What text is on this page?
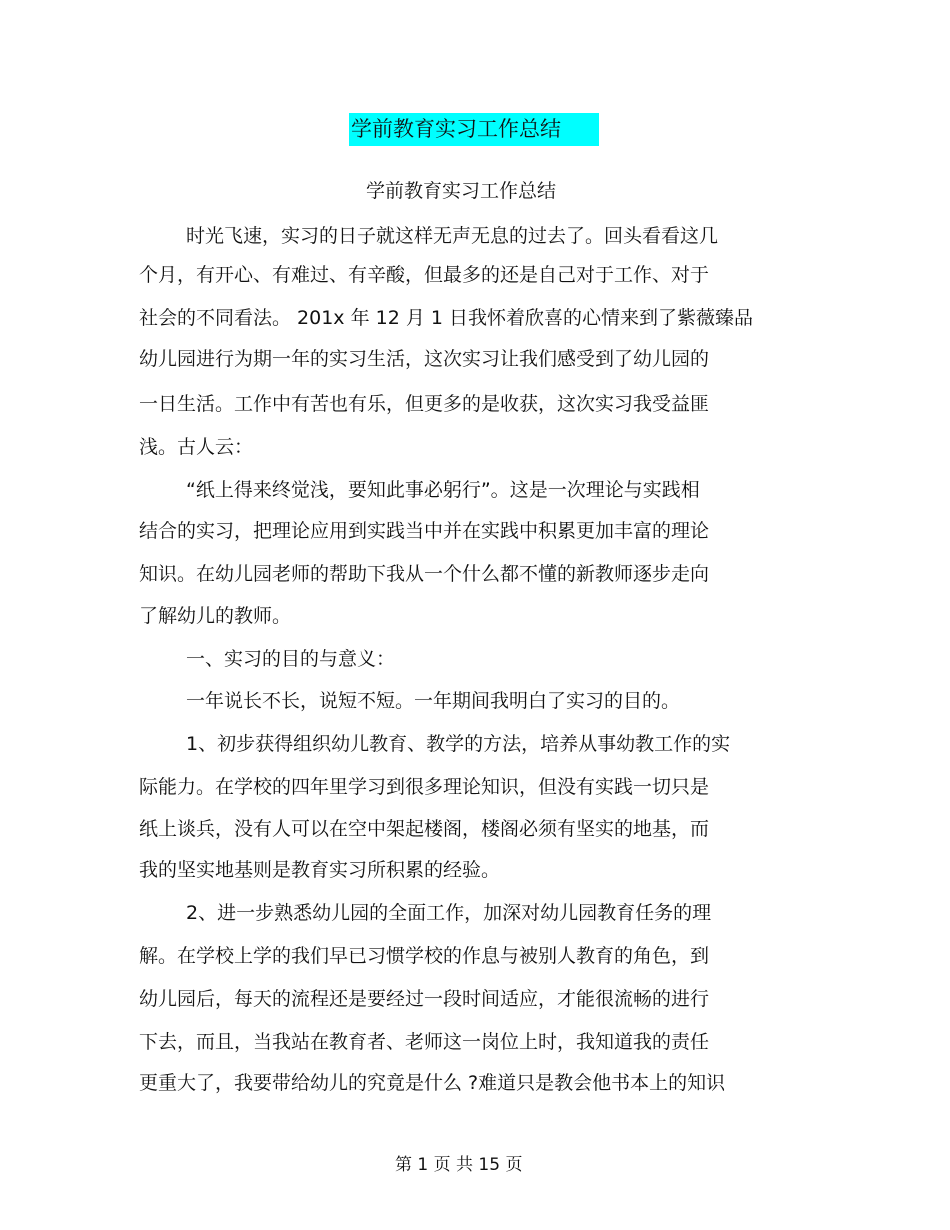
学前教育实习工作总结
学前教育实习工作总结
时光飞速，实习的日子就这样无声无息的过去了。回头看看这几
个月，有开心、有难过、有辛酸，但最多的还是自己对于工作、对于
社会的不同看法。 201x 年 12 月 1 日我怀着欣喜的心情来到了紫薇臻品
幼儿园进行为期一年的实习生活，这次实习让我们感受到了幼儿园的
一日生活。工作中有苦也有乐，但更多的是收获，这次实习我受益匪
浅。古人云：
“纸上得来终觉浅，要知此事必躬行”。这是一次理论与实践相
结合的实习，把理论应用到实践当中并在实践中积累更加丰富的理论
知识。在幼儿园老师的帮助下我从一个什么都不懂的新教师逐步走向
了解幼儿的教师。
一、实习的目的与意义：
一年说长不长，说短不短。一年期间我明白了实习的目的。
1、初步获得组织幼儿教育、教学的方法，培养从事幼教工作的实
际能力。在学校的四年里学习到很多理论知识，但没有实践一切只是
纸上谈兵，没有人可以在空中架起楼阁，楼阁必须有坚实的地基，而
我的坚实地基则是教育实习所积累的经验。
2、进一步熟悉幼儿园的全面工作，加深对幼儿园教育任务的理
解。在学校上学的我们早已习惯学校的作息与被别人教育的角色，到
幼儿园后，每天的流程还是要经过一段时间适应，才能很流畅的进行
下去，而且，当我站在教育者、老师这一岗位上时，我知道我的责任
更重大了，我要带给幼儿的究竟是什么 ?难道只是教会他书本上的知识
第 1 页 共 15 页
